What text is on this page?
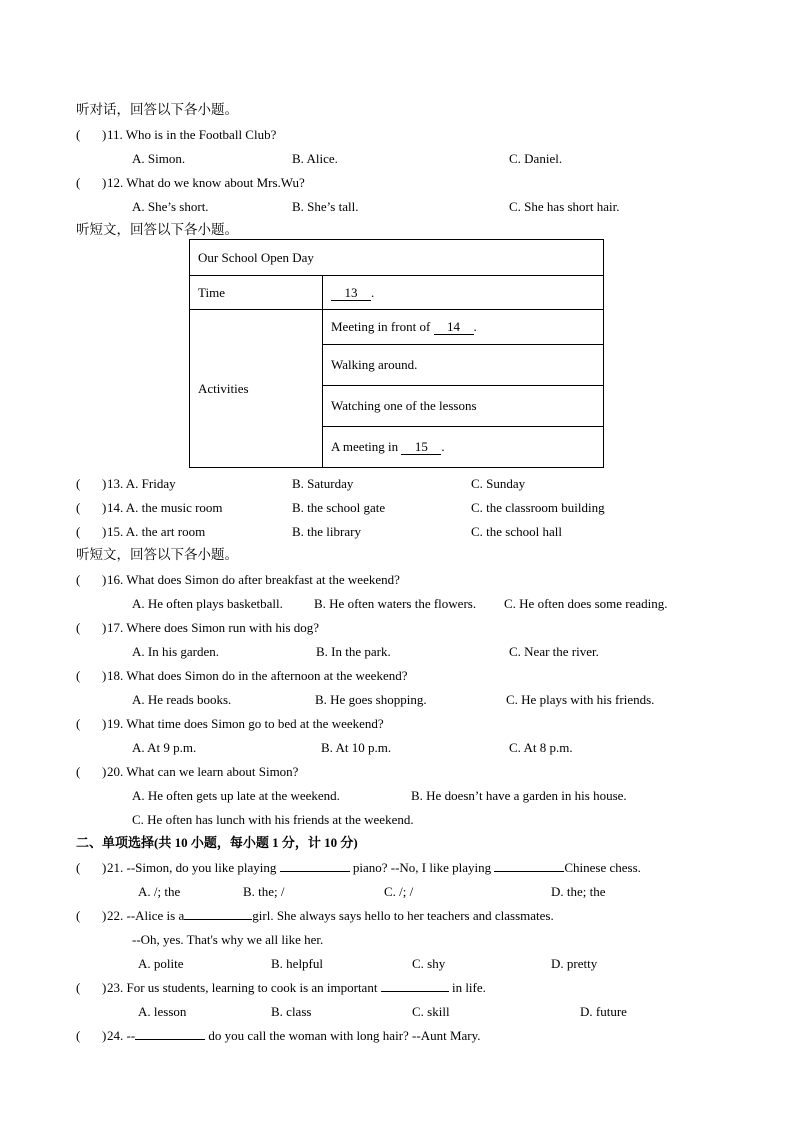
听对话，回答以下各小题。
( ) 11. Who is in the Football Club?
A. Simon.	B. Alice.	C. Daniel.
( ) 12. What do we know about Mrs.Wu?
A. She’s short.	B. She’s tall.	C. She has short hair.
听短文，回答以下各小题。
Our School Open Day	
Time	13 .
Activities	Meeting in front of 14 .
	Walking around.
	Watching one of the lessons
	A meeting in 15 .
( ) 13. A. Friday	B. Saturday	C. Sunday
( ) 14. A. the music room	B. the school gate	C. the classroom building
( ) 15. A. the art room	B. the library	C. the school hall
听短文，回答以下各小题。
( ) 16. What does Simon do after breakfast at the weekend?
A. He often plays basketball. B. He often waters the flowers. C. He often does some reading.
( ) 17. Where does Simon run with his dog?
A. In his garden.	B. In the park.	C. Near the river.
( ) 18. What does Simon do in the afternoon at the weekend?
A. He reads books.	B. He goes shopping.	C. He plays with his friends.
( ) 19. What time does Simon go to bed at the weekend?
A. At 9 p.m.	B. At 10 p.m.	C. At 8 p.m.
( ) 20. What can we learn about Simon?
A. He often gets up late at the weekend.	B. He doesn’t have a garden in his house.
C. He often has lunch with his friends at the weekend.
二、单项选择(共 10 小题，每小题 1 分，计 10 分)
( ) 21. --Simon, do you like playing	piano? --No, I like playing	Chinese chess.
A. /; the	B. the; /	C. /; /	D. the; the
( ) 22. --Alice is a	girl. She always says hello to her teachers and classmates.
--Oh, yes. That's why we all like her.
A. polite	B. helpful	C. shy	D. pretty
( ) 23. For us students, learning to cook is an important	in life.
A. lesson	B. class	C. skill	D. future
( ) 24. --	do you call the woman with long hair? --Aunt Mary.
